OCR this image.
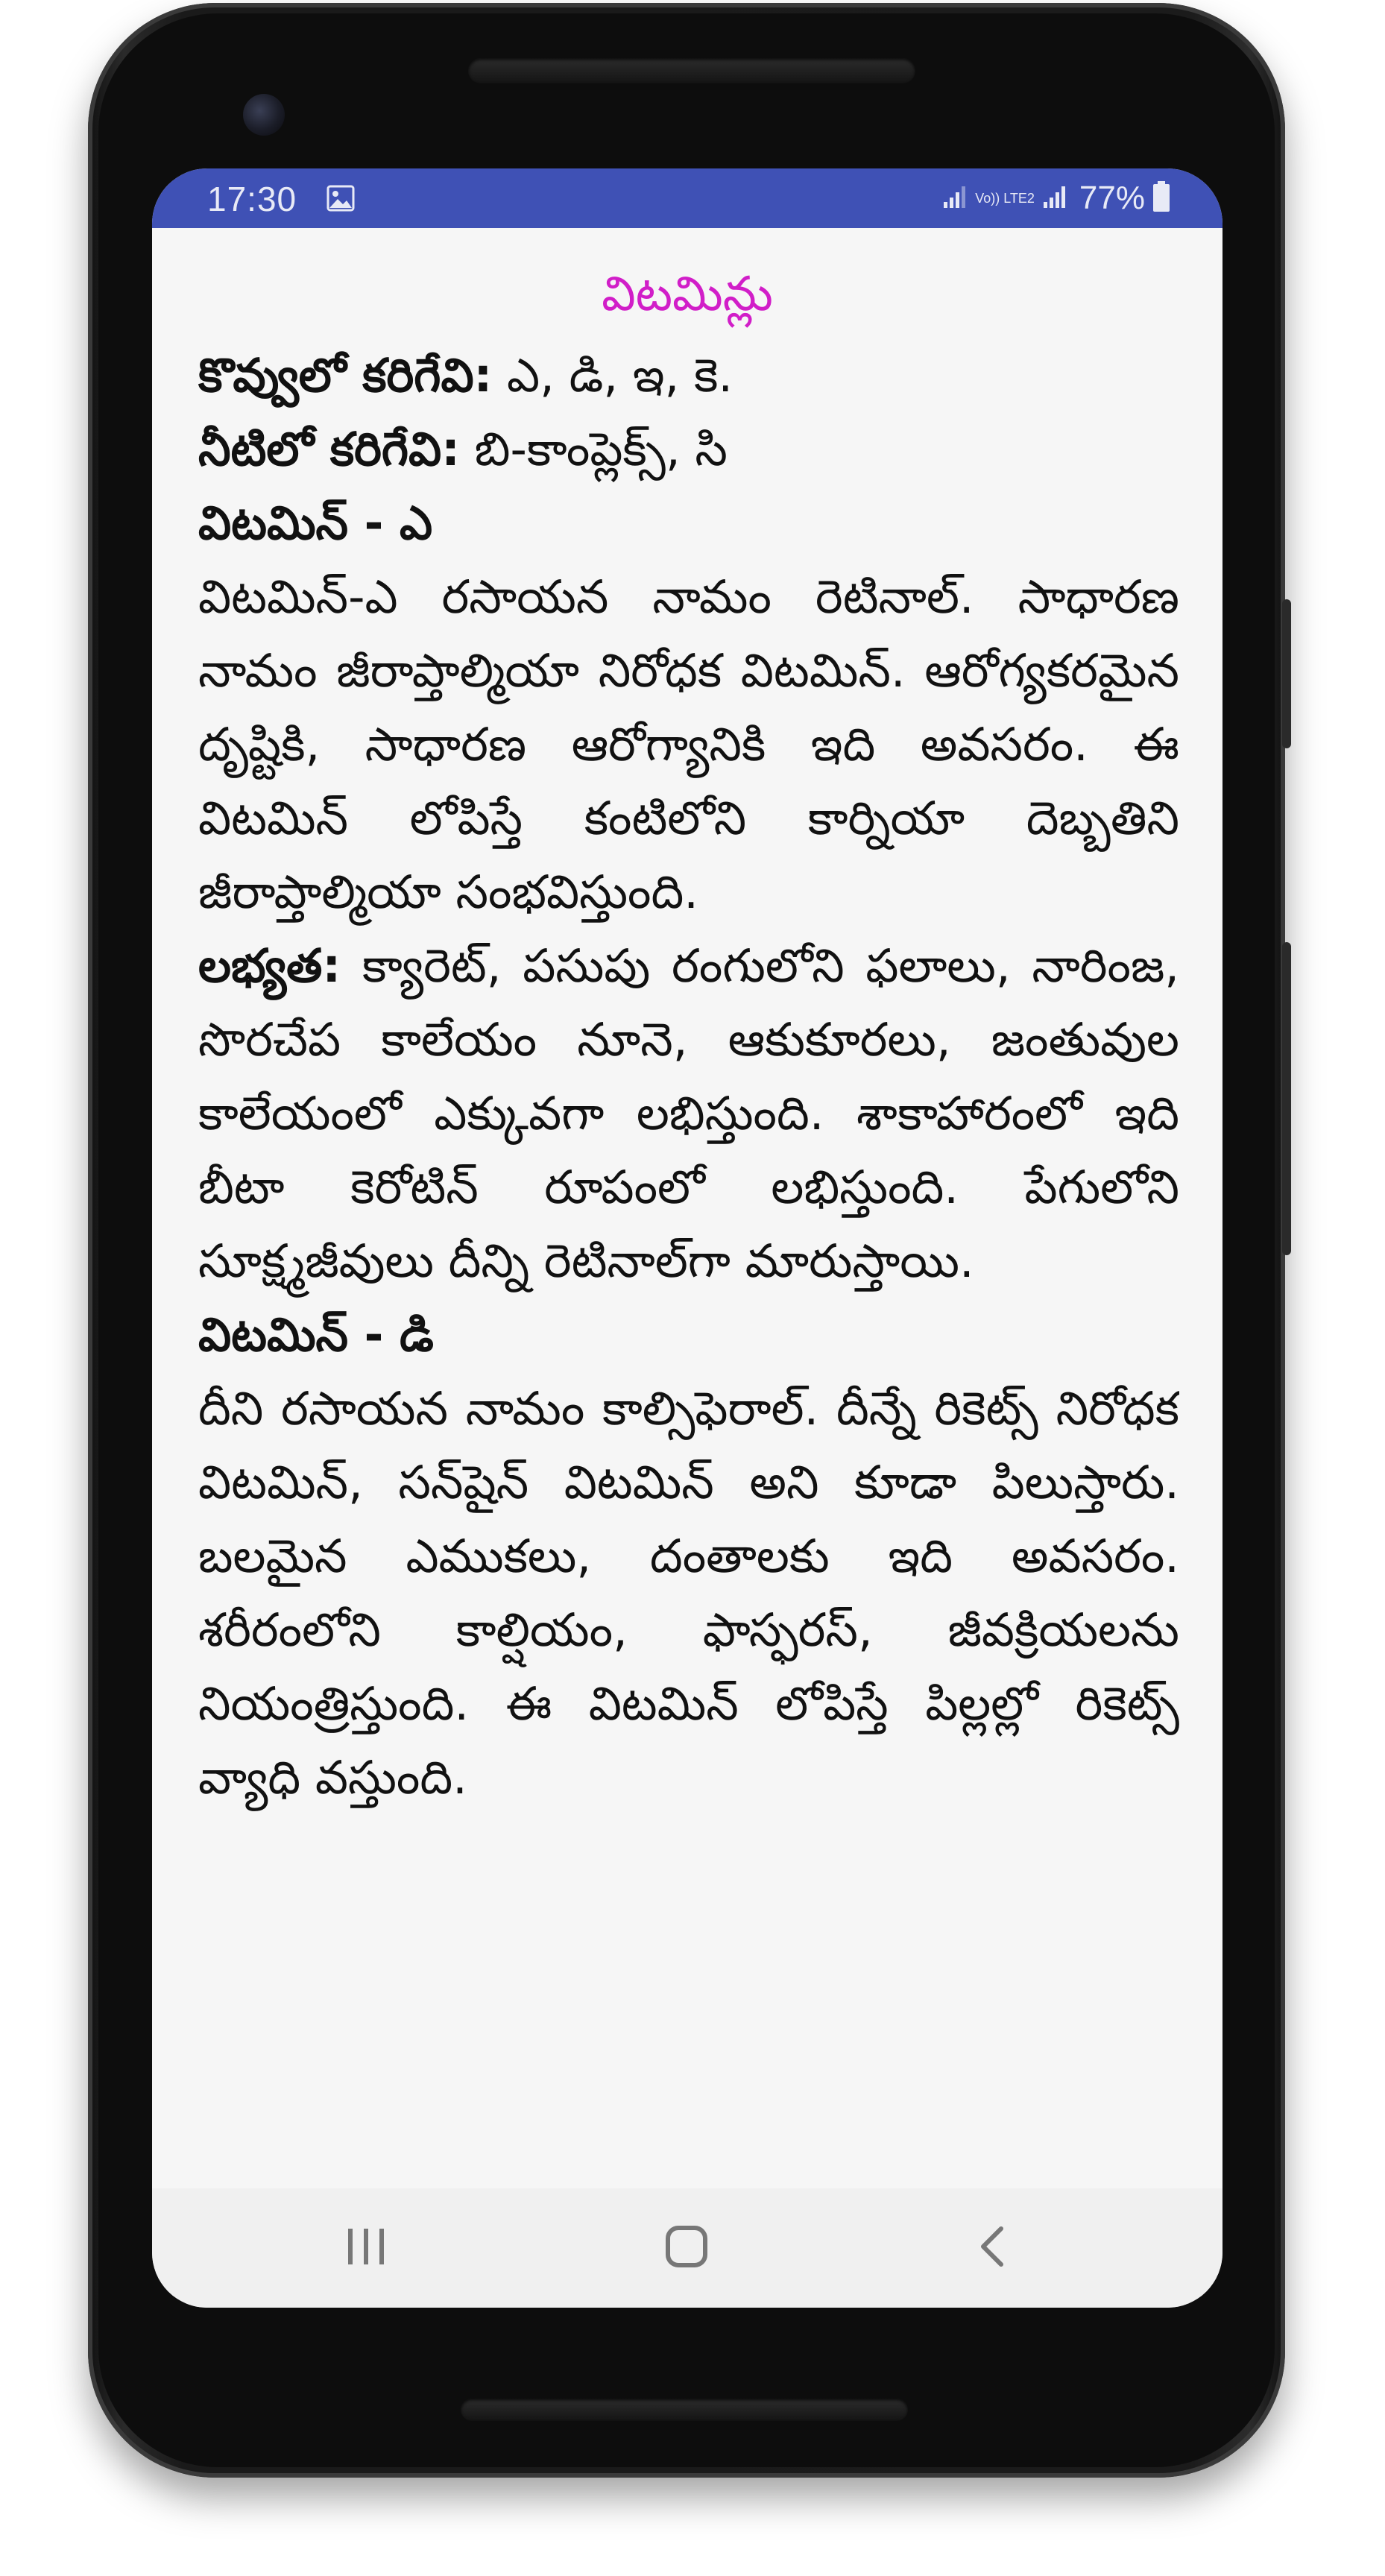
17:30	Vo)) LTE2 77%
విటమిన్లు

కొవ్వులో కరిగేవి: ఎ, డి, ఇ, కె.

నీటిలో కరిగేవి: బి-కాంప్లెక్స్, సి

విటమిన్ - ఎ

విటమిన్-ఎ రసాయన నామం రెటినాల్. సాధారణ నామం జీరాప్తాల్మియా నిరోధక విటమిన్. ఆరోగ్యకరమైన దృష్టికి, సాధారణ ఆరోగ్యానికి ఇది అవసరం. ఈ విటమిన్ లోపిస్తే కంటిలోని కార్నియా దెబ్బతిని జీరాప్తాల్మియా సంభవిస్తుంది.

లభ్యత: క్యారెట్, పసుపు రంగులోని ఫలాలు, నారింజ, సొరచేప కాలేయం నూనె, ఆకుకూరలు, జంతువుల కాలేయంలో ఎక్కువగా లభిస్తుంది. శాకాహారంలో ఇది బీటా కెరోటిన్ రూపంలో లభిస్తుంది. పేగులోని సూక్ష్మజీవులు దీన్ని రెటినాల్‌గా మారుస్తాయి.

విటమిన్ - డి

దీని రసాయన నామం కాల్సిఫెరాల్. దీన్నే రికెట్స్ నిరోధక విటమిన్, సన్‌షైన్ విటమిన్ అని కూడా పిలుస్తారు. బలమైన ఎముకలు, దంతాలకు ఇది అవసరం. శరీరంలోని కాల్షియం, ఫాస్ఫరస్, జీవక్రియలను నియంత్రిస్తుంది. ఈ విటమిన్ లోపిస్తే పిల్లల్లో రికెట్స్ వ్యాధి వస్తుంది.
